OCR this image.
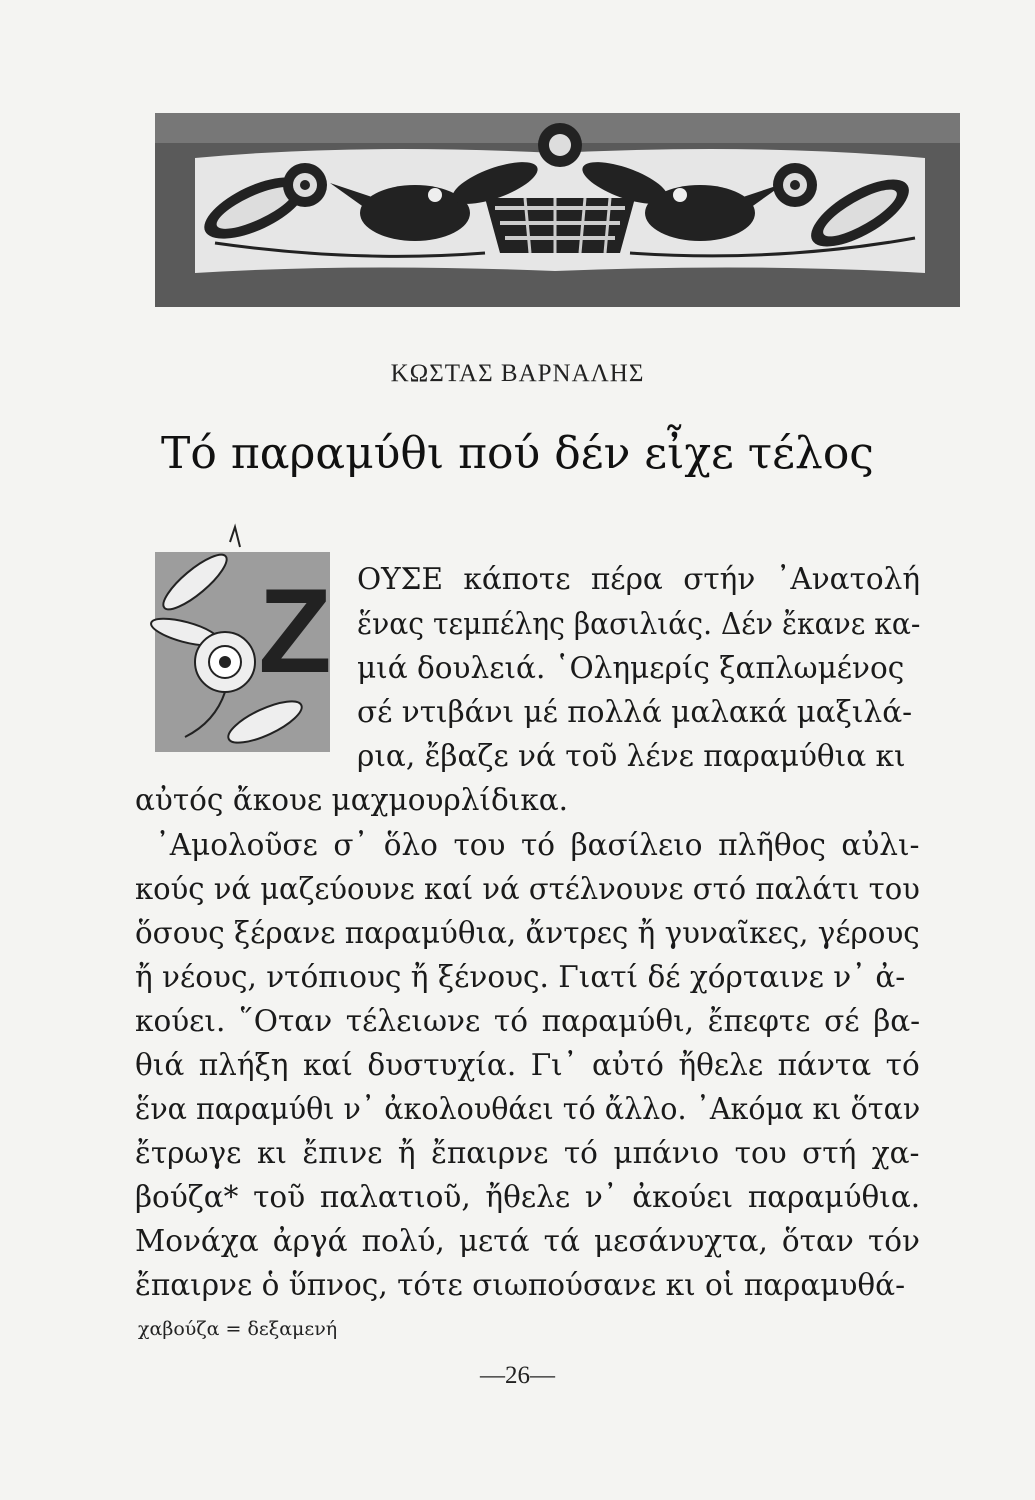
ΚΩΣΤΑΣ ΒΑΡΝΑΛΗΣ
Τό παραμύθι πού δέν εἶχε τέλος
Ζ ΟΥΣΕ κάποτε πέρα στήν ᾽Ανατολή
ἕνας τεμπέλης βασιλιάς. Δέν ἔκανε κα-
μιά δουλειά. ῾Ολημερίς ξαπλωμένος
σέ ντιβάνι μέ πολλά μαλακά μαξιλά-
ρια, ἔβαζε νά τοῦ λένε παραμύθια κι
αὐτός ἄκουε μαχμουρλίδικα.
᾽Αμολοῦσε σ᾽ ὅλο του τό βασίλειο πλῆθος αὐλι-
κούς νά μαζεύουνε καί νά στέλνουνε στό παλάτι του
ὅσους ξέρανε παραμύθια, ἄντρες ἤ γυναῖκες, γέρους
ἤ νέους, ντόπιους ἤ ξένους. Γιατί δέ χόρταινε ν᾽ ἀ-
κούει. ῞Οταν τέλειωνε τό παραμύθι, ἔπεφτε σέ βα-
θιά πλήξη καί δυστυχία. Γι᾽ αὐτό ἤθελε πάντα τό
ἕνα παραμύθι ν᾽ ἀκολουθάει τό ἄλλο. ᾽Ακόμα κι ὅταν
ἔτρωγε κι ἔπινε ἤ ἔπαιρνε τό μπάνιο του στή χα-
βούζα* τοῦ παλατιοῦ, ἤθελε ν᾽ ἀκούει παραμύθια.
Μονάχα ἀργά πολύ, μετά τά μεσάνυχτα, ὅταν τόν
ἔπαιρνε ὁ ὕπνος, τότε σιωπούσανε κι οἱ παραμυθά-
χαβούζα = δεξαμενή
—26—
